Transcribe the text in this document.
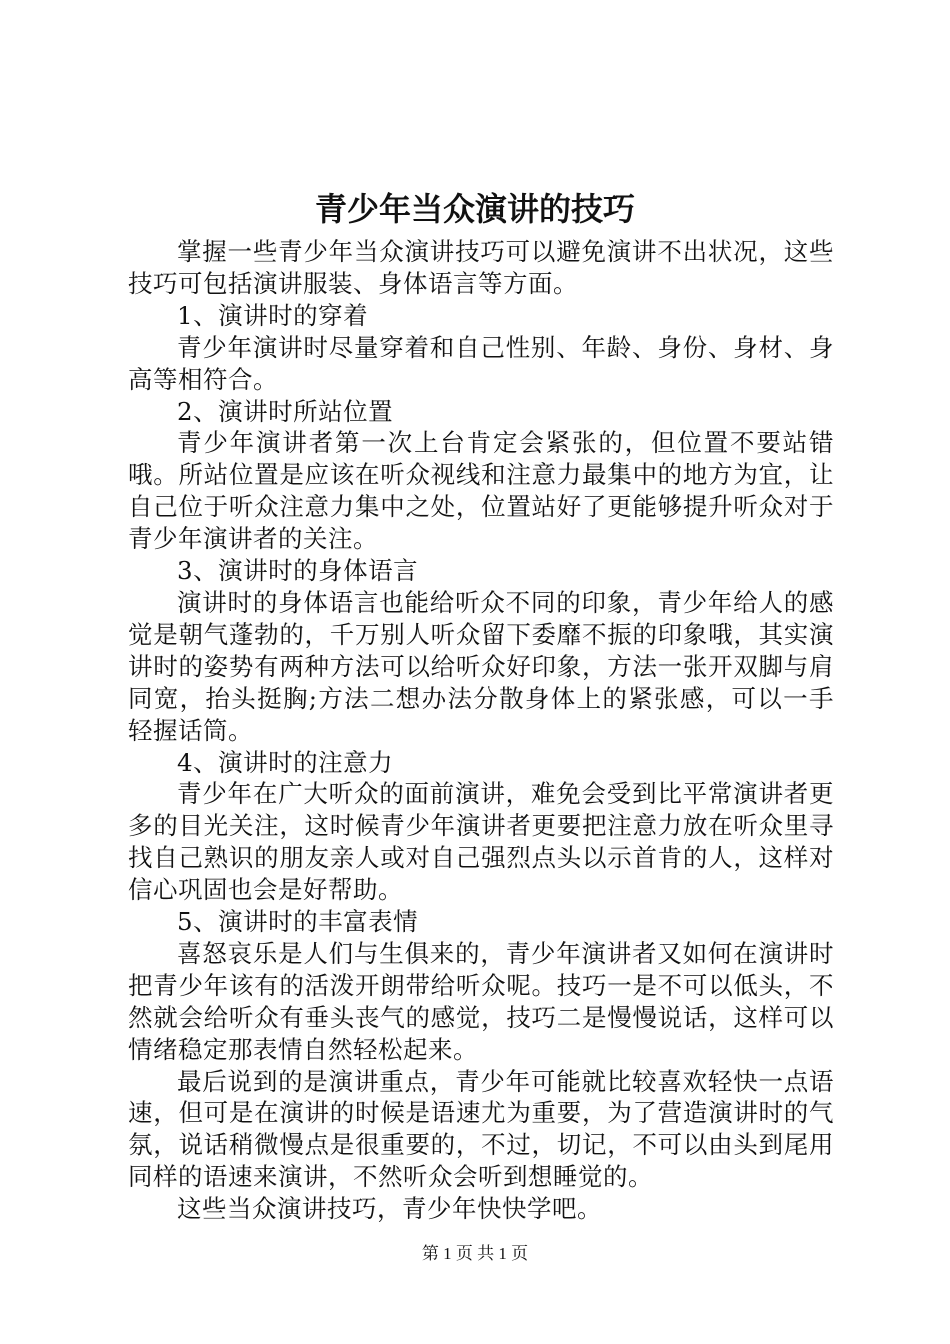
青少年当众演讲的技巧

掌握一些青少年当众演讲技巧可以避免演讲不出状况，这些技巧可包括演讲服装、身体语言等方面。

1、演讲时的穿着

青少年演讲时尽量穿着和自己性别、年龄、身份、身材、身高等相符合。

2、演讲时所站位置

青少年演讲者第一次上台肯定会紧张的，但位置不要站错哦。所站位置是应该在听众视线和注意力最集中的地方为宜，让自己位于听众注意力集中之处，位置站好了更能够提升听众对于青少年演讲者的关注。

3、演讲时的身体语言

演讲时的身体语言也能给听众不同的印象，青少年给人的感觉是朝气蓬勃的，千万别人听众留下委靡不振的印象哦，其实演讲时的姿势有两种方法可以给听众好印象，方法一张开双脚与肩同宽，抬头挺胸;方法二想办法分散身体上的紧张感，可以一手轻握话筒。

4、演讲时的注意力

青少年在广大听众的面前演讲，难免会受到比平常演讲者更多的目光关注，这时候青少年演讲者更要把注意力放在听众里寻找自己熟识的朋友亲人或对自己强烈点头以示首肯的人，这样对信心巩固也会是好帮助。

5、演讲时的丰富表情

喜怒哀乐是人们与生俱来的，青少年演讲者又如何在演讲时把青少年该有的活泼开朗带给听众呢。技巧一是不可以低头，不然就会给听众有垂头丧气的感觉，技巧二是慢慢说话，这样可以情绪稳定那表情自然轻松起来。

最后说到的是演讲重点，青少年可能就比较喜欢轻快一点语速，但可是在演讲的时候是语速尤为重要，为了营造演讲时的气氛，说话稍微慢点是很重要的，不过，切记，不可以由头到尾用同样的语速来演讲，不然听众会听到想睡觉的。

这些当众演讲技巧，青少年快快学吧。

第 1 页 共 1 页
